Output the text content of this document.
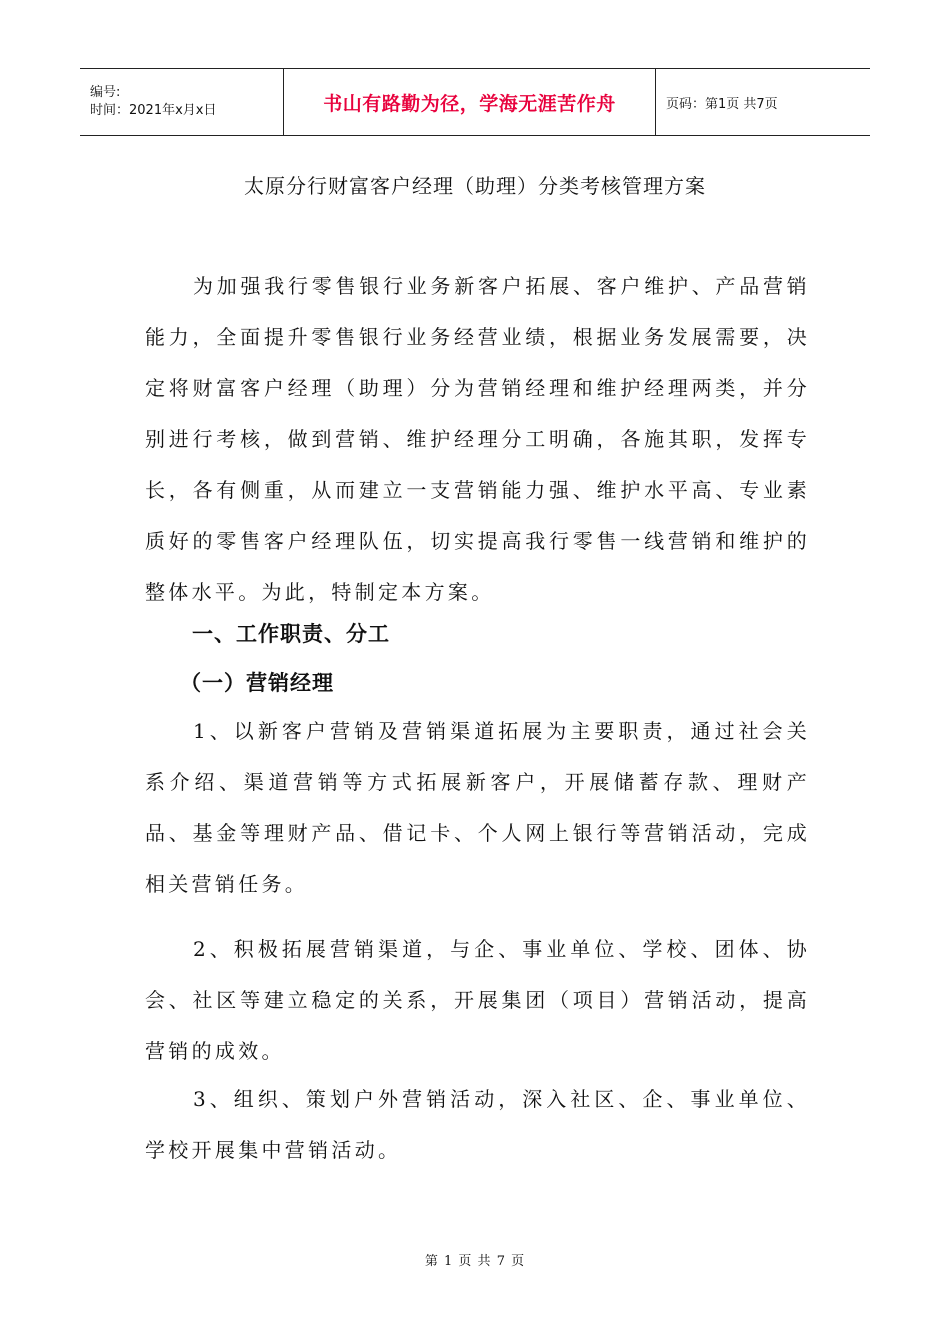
编号:
时间：2021年x月x日	书山有路勤为径，学海无涯苦作舟	页码：第1页 共7页
太原分行财富客户经理（助理）分类考核管理方案
为加强我行零售银行业务新客户拓展、客户维护、产品营销能力，全面提升零售银行业务经营业绩，根据业务发展需要，决定将财富客户经理（助理）分为营销经理和维护经理两类，并分别进行考核，做到营销、维护经理分工明确，各施其职，发挥专长，各有侧重，从而建立一支营销能力强、维护水平高、专业素质好的零售客户经理队伍，切实提高我行零售一线营销和维护的整体水平。为此，特制定本方案。
一、工作职责、分工
（一）营销经理
1、以新客户营销及营销渠道拓展为主要职责，通过社会关系介绍、渠道营销等方式拓展新客户，开展储蓄存款、理财产品、基金等理财产品、借记卡、个人网上银行等营销活动，完成相关营销任务。
2、积极拓展营销渠道，与企、事业单位、学校、团体、协会、社区等建立稳定的关系，开展集团（项目）营销活动，提高营销的成效。
3、组织、策划户外营销活动，深入社区、企、事业单位、学校开展集中营销活动。
第 1 页 共 7 页
